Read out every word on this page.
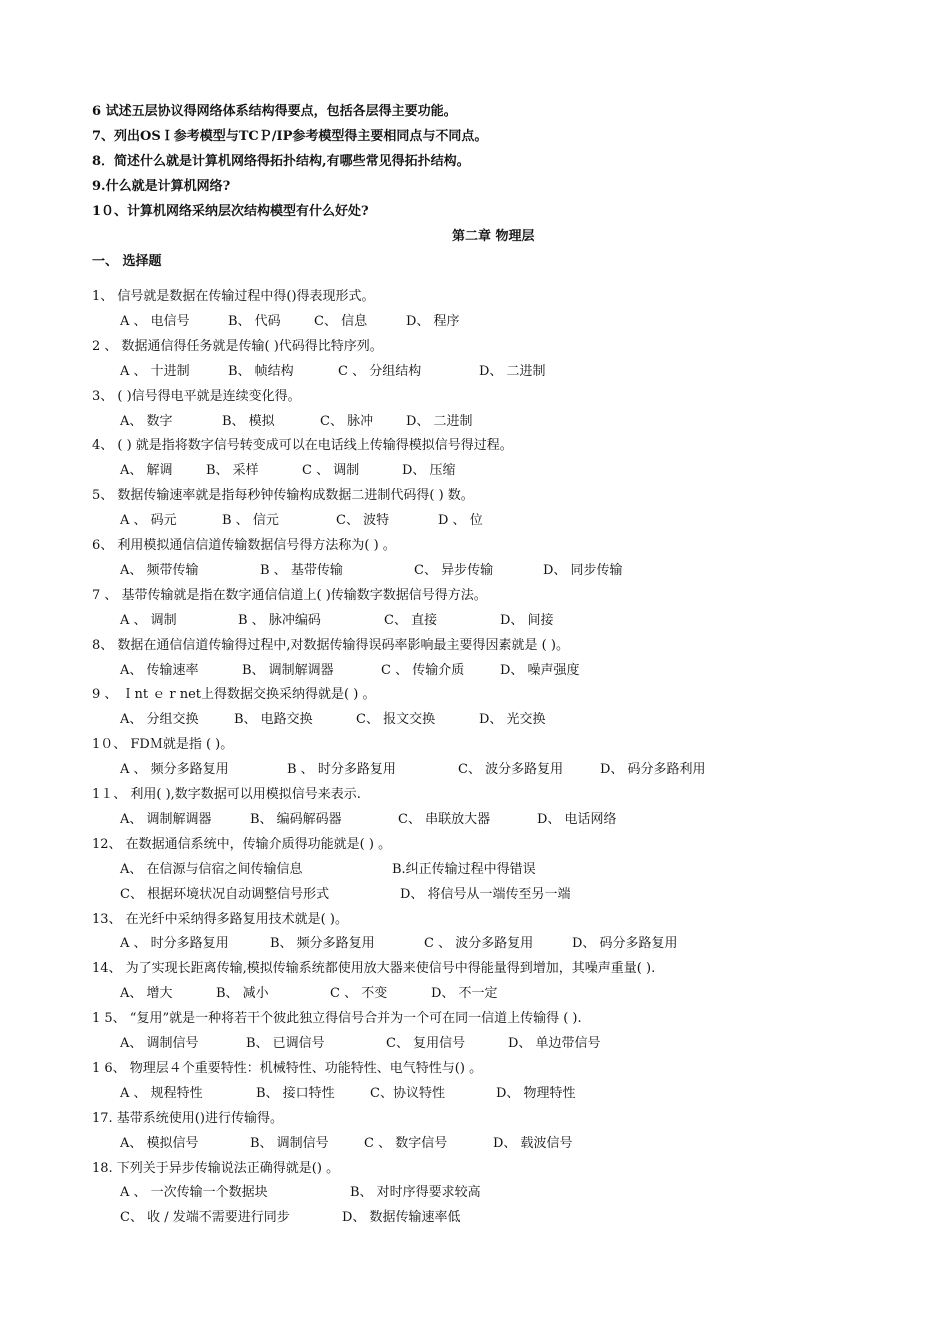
6 试述五层协议得网络体系结构得要点，包括各层得主要功能。
7、列出OSＩ参考模型与TCＰ/IP参考模型得主要相同点与不同点。
8．简述什么就是计算机网络得拓扑结构,有哪些常见得拓扑结构。
9.什么就是计算机网络?
1０、计算机网络采纳层次结构模型有什么好处?
第二章 物理层
一、 选择题
1、 信号就是数据在传输过程中得()得表现形式。
A 、 电信号	B、 代码	C、 信息	D、 程序
2 、 数据通信得任务就是传输( )代码得比特序列。
A 、 十进制	B、 帧结构	C 、 分组结构	D、 二进制
3、 ( )信号得电平就是连续变化得。
A、 数字	B、 模拟	C、 脉冲	D、 二进制
4、 ( ) 就是指将数字信号转变成可以在电话线上传输得模拟信号得过程。
A、 解调	B、 采样	C 、 调制	D、 压缩
5、 数据传输速率就是指每秒钟传输构成数据二进制代码得( ) 数。
A 、 码元	B 、 信元	C、 波特	D 、 位
6、 利用模拟通信信道传输数据信号得方法称为( ) 。
A、 频带传输	B 、 基带传输	C、 异步传输	D、 同步传输
7 、 基带传输就是指在数字通信信道上( )传输数字数据信号得方法。
A 、 调制	B 、 脉冲编码	C、 直接	D、 间接
8、 数据在通信信道传输得过程中,对数据传输得误码率影响最主要得因素就是 ( )。
A、 传输速率	B、 调制解调器	C 、 传输介质	D、 噪声强度
9 、 Ｉnt ｅ r net上得数据交换采纳得就是( ) 。
A、 分组交换	B、 电路交换	C、 报文交换	D、 光交换
1０、 FDＭ就是指 ( )。
A 、 频分多路复用	B 、 时分多路复用	C、 波分多路复用	D、 码分多路利用
1１、 利用( ),数字数据可以用模拟信号来表示.
A、 调制解调器	B、 编码解码器	C、 串联放大器	D、 电话网络
12、 在数据通信系统中，传输介质得功能就是( ) 。
A、 在信源与信宿之间传输信息	B.纠正传输过程中得错误
C、 根据环境状况自动调整信号形式	D、 将信号从一端传至另一端
13、 在光纤中采纳得多路复用技术就是( )。
A 、 时分多路复用	B、 频分多路复用	C 、 波分多路复用	D、 码分多路复用
14、 为了实现长距离传输,模拟传输系统都使用放大器来使信号中得能量得到增加，其噪声重量( ).
A、 增大	B、 减小	C 、 不变	D、 不一定
1 5、 “复用”就是一种将若干个彼此独立得信号合并为一个可在同一信道上传输得 ( ).
A、 调制信号	B、 已调信号	C、 复用信号	D、 单边带信号
1 6、 物理层４个重要特性：机械特性、功能特性、电气特性与() 。
A 、 规程特性	B、 接口特性	C、协议特性	D、 物理特性
17. 基带系统使用()进行传输得。
A、 模拟信号	B、 调制信号	C 、 数字信号	D、 载波信号
18. 下列关于异步传输说法正确得就是() 。
A 、 一次传输一个数据块	B、 对时序得要求较高
C、 收 / 发端不需要进行同步	D、 数据传输速率低
